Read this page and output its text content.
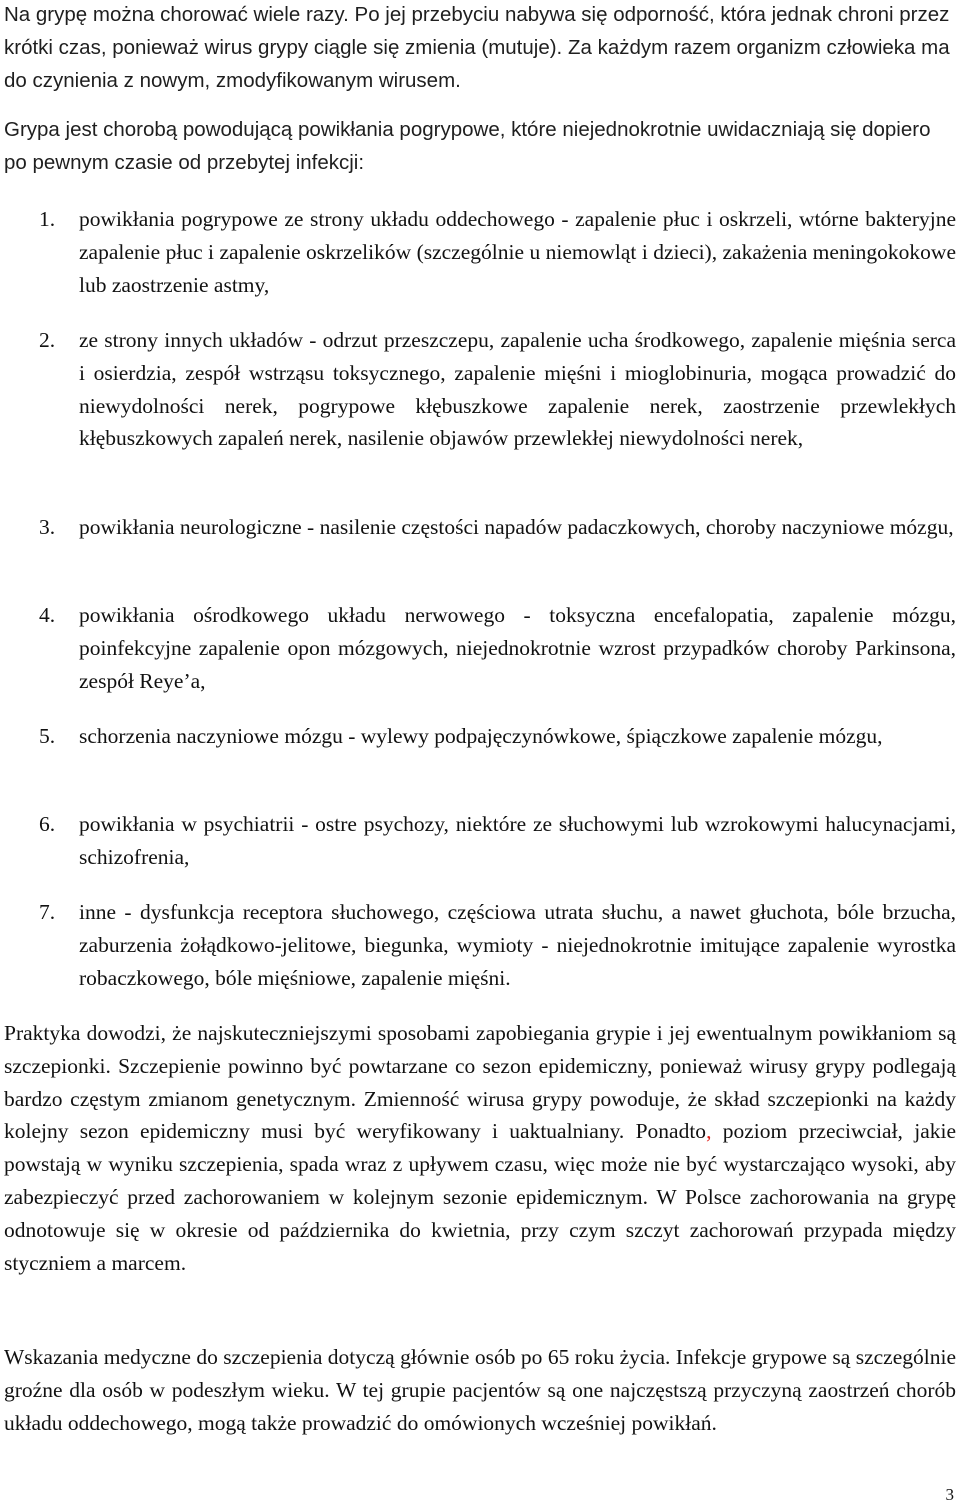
Na grypę można chorować wiele razy. Po jej przebyciu nabywa się odporność, która jednak chroni przez krótki czas, ponieważ wirus grypy ciągle się zmienia (mutuje). Za każdym razem organizm człowieka ma do czynienia z nowym, zmodyfikowanym wirusem.

Grypa jest chorobą powodującą powikłania pogrypowe, które niejednokrotnie uwidaczniają się dopiero po pewnym czasie od przebytej infekcji:

1. powikłania pogrypowe ze strony układu oddechowego - zapalenie płuc i oskrzeli, wtórne bakteryjne zapalenie płuc i zapalenie oskrzelików (szczególnie u niemowląt i dzieci), zakażenia meningokokowe lub zaostrzenie astmy,
2. ze strony innych układów - odrzut przeszczepu, zapalenie ucha środkowego, zapalenie mięśnia serca i osierdzia, zespół wstrząsu toksycznego, zapalenie mięśni i mioglobinuria, mogąca prowadzić do niewydolności nerek, pogrypowe kłębuszkowe zapalenie nerek, zaostrzenie przewlekłych kłębuszkowych zapaleń nerek, nasilenie objawów przewlekłej niewydolności nerek,
3. powikłania neurologiczne - nasilenie częstości napadów padaczkowych, choroby naczyniowe mózgu,
4. powikłania ośrodkowego układu nerwowego - toksyczna encefalopatia, zapalenie mózgu, poinfekcyjne zapalenie opon mózgowych, niejednokrotnie wzrost przypadków choroby Parkinsona, zespół Reye’a,
5. schorzenia naczyniowe mózgu - wylewy podpajęczynówkowe, śpiączkowe zapalenie mózgu,
6. powikłania w psychiatrii - ostre psychozy, niektóre ze słuchowymi lub wzrokowymi halucynacjami, schizofrenia,
7. inne - dysfunkcja receptora słuchowego, częściowa utrata słuchu, a nawet głuchota, bóle brzucha, zaburzenia żołądkowo-jelitowe, biegunka, wymioty - niejednokrotnie imitujące zapalenie wyrostka robaczkowego, bóle mięśniowe, zapalenie mięśni.

Praktyka dowodzi, że najskuteczniejszymi sposobami zapobiegania grypie i jej ewentualnym powikłaniom są szczepionki. Szczepienie powinno być powtarzane co sezon epidemiczny, ponieważ wirusy grypy podlegają bardzo częstym zmianom genetycznym. Zmienność wirusa grypy powoduje, że skład szczepionki na każdy kolejny sezon epidemiczny musi być weryfikowany i uaktualniany. Ponadto, poziom przeciwciał, jakie powstają w wyniku szczepienia, spada wraz z upływem czasu, więc może nie być wystarczająco wysoki, aby zabezpieczyć przed zachorowaniem w kolejnym sezonie epidemicznym. W Polsce zachorowania na grypę odnotowuje się w okresie od października do kwietnia, przy czym szczyt zachorowań przypada między styczniem a marcem.

Wskazania medyczne do szczepienia dotyczą głównie osób po 65 roku życia. Infekcje grypowe są szczególnie groźne dla osób w podeszłym wieku. W tej grupie pacjentów są one najczęstszą przyczyną zaostrzeń chorób układu oddechowego, mogą także prowadzić do omówionych wcześniej powikłań.

3
